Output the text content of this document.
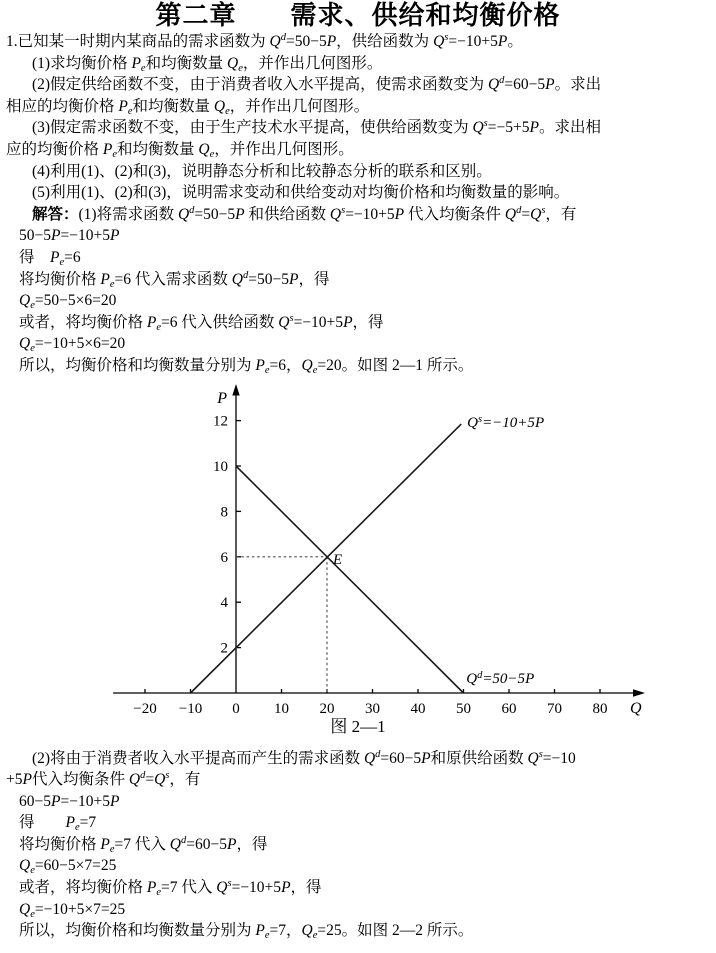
第二章　　需求、供给和均衡价格
1.已知某一时期内某商品的需求函数为 $Q^d=50-5P$，供给函数为 $Q^s=-10+5P$。
(1)求均衡价格 $P_e$和均衡数量 $Q_e$，并作出几何图形。
(2)假定供给函数不变，由于消费者收入水平提高，使需求函数变为 $Q^d=60-5P$。求出
相应的均衡价格 $P_e$和均衡数量 $Q_e$，并作出几何图形。
(3)假定需求函数不变，由于生产技术水平提高，使供给函数变为 $Q^s=-5+5P$。求出相
应的均衡价格 $P_e$和均衡数量 $Q_e$，并作出几何图形。
(4)利用(1)、(2)和(3)，说明静态分析和比较静态分析的联系和区别。
(5)利用(1)、(2)和(3)，说明需求变动和供给变动对均衡价格和均衡数量的影响。
解答：(1)将需求函数 $Q^d=50-5P$ 和供给函数 $Q^s=-10+5P$ 代入均衡条件 $Q^d=Q^s$，有
50−5P=−10+5P
得　$P_e=6$
将均衡价格 $P_e=6$ 代入需求函数 $Q^d=50-5P$，得
$Q_e=50-5\times 6=20$
或者，将均衡价格 $P_e=6$ 代入供给函数 $Q^s=-10+5P$，得
$Q_e=-10+5\times 6=20$
所以，均衡价格和均衡数量分别为 $P_e=6$，$Q_e=20$。如图 2—1 所示。
−20 −10 0 10 20 30 40 50 60 70 80
2
4
6
8
10
12
Q
P
$Q^d=50-5P$
$Q^s=-10+5P$
E
图 2—1
(2)将由于消费者收入水平提高而产生的需求函数 $Q^d=60-5P$和原供给函数 $Q^s=-10$
+5P代入均衡条件 $Q^d=Q^s$，有
60−5P=−10+5P
得　　$P_e=7$
将均衡价格 $P_e=7$ 代入 $Q^d=60-5P$，得
$Q_e=60-5\times 7=25$
或者，将均衡价格 $P_e=7$ 代入 $Q^s=-10+5P$，得
$Q_e=-10+5\times 7=25$
所以，均衡价格和均衡数量分别为 $P_e=7$，$Q_e=25$。如图 2—2 所示。
